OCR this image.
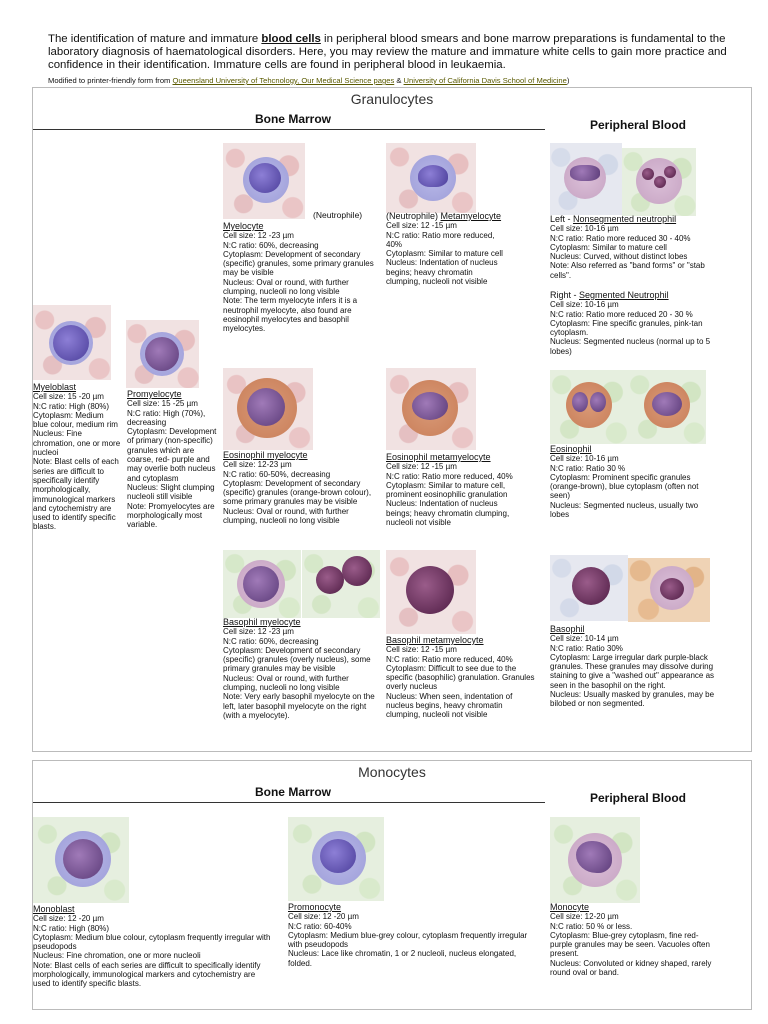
The identification of mature and immature blood cells in peripheral blood smears and bone marrow preparations is fundamental to the laboratory diagnosis of haematological disorders. Here, you may review the mature and immature white cells to gain more practice and confidence in their identification. Immature cells are found in peripheral blood in leukaemia.
Modified to printer-friendly form from Queensland University of Tehcnology, Our Medical Science pages & University of California Davis School of Medicine)
Granulocytes
Bone Marrow	Peripheral Blood
Myeloblast
Cell size: 15 -20 µm
N:C ratio: High (80%)
Cytoplasm: Medium blue colour, medium rim
Nucleus: Fine chromation, one or more nucleoi
Note: Blast cells of each series are difficult to specifically identify morphologically, immunological markers and cytochemistry are used to identify specific blasts.
Promyelocyte
Cell size: 15 -25 µm
N:C ratio: High (70%), decreasing
Cytoplasm: Development of primary (non-specific) granules which are coarse, red- purple and may overlie both nucleus and cytoplasm
Nucleus: Slight clumping nucleoli still visible
Note: Promyelocytes are morphologically most variable.
(Neutrophile)
Myelocyte
Cell size: 12 -23 µm
N:C ratio: 60%, decreasing
Cytoplasm: Development of secondary (specific) granules, some primary granules may be visible
Nucleus: Oval or round, with further clumping, nucleoli no long visible
Note: The term myelocyte infers it is a neutrophil myelocyte, also found are eosinophil myelocytes and basophil myelocytes.
(Neutrophile) Metamyelocyte
Cell size: 12 -15 µm
N:C ratio: Ratio more reduced, 40%
Cytoplasm: Similar to mature cell
Nucleus: Indentation of nucleus begins; heavy chromatin clumping, nucleoli not visible
Eosinophil myelocyte
Cell size: 12-23 µm
N:C ratio: 60-50%, decreasing
Cytoplasm: Development of secondary (specific) granules (orange-brown colour), some primary granules may be visible
Nucleus: Oval or round, with further clumping, nucleoli no long visible
Eosinophil metamyelocyte
Cell size: 12 -15 µm
N:C ratio: Ratio more reduced, 40%
Cytoplasm: Similar to mature cell, prominent eosinophilic granulation
Nucleus: Indentation of nucleus beings; heavy chromatin clumping, nucleoli not visible
Basophil myelocyte
Cell size: 12 -23 µm
N:C ratio: 60%, decreasing
Cytoplasm: Development of secondary (specific) granules (overly nucleus), some primary granules may be visible
Nucleus: Oval or round, with further clumping, nucleoli no long visible
Note: Very early basophil myelocyte on the left, later basophil myelocyte on the right (with a myelocyte).
Basophil metamyelocyte
Cell size: 12 -15 µm
N:C ratio: Ratio more reduced, 40%
Cytoplasm: Difficult to see due to the specific (basophilic) granulation. Granules overly nucleus
Nucleus: When seen, indentation of nucleus begins, heavy chromatin clumping, nucleoli not visible
Left - Nonsegmented neutrophil
Cell size: 10-16 µm
N:C ratio: Ratio more reduced 30 - 40%
Cytoplasm: Similar to mature cell
Nucleus: Curved, without distinct lobes
Note: Also referred as "band forms" or "stab cells".
Right - Segmented Neutrophil
Cell size: 10-16 µm
N:C ratio: Ratio more reduced 20 - 30 %
Cytoplasm: Fine specific granules, pink-tan cytoplasm.
Nucleus: Segmented nucleus (normal up to 5 lobes)
Eosinophil
Cell size: 10-16 µm
N:C ratio: Ratio 30 %
Cytoplasm: Prominent specific granules (orange-brown), blue cytoplasm (often not seen)
Nucleus: Segmented nucleus, usually two lobes
Basophil
Cell size: 10-14 µm
N:C ratio: Ratio 30%
Cytoplasm: Large irregular dark purple-black granules. These granules may dissolve during staining to give a "washed out" appearance as seen in the basophil on the right.
Nucleus: Usually masked by granules, may be bilobed or non segmented.
Monocytes
Bone Marrow	Peripheral Blood
Monoblast
Cell size: 12 -20 µm
N:C ratio: High (80%)
Cytoplasm: Medium blue colour, cytoplasm frequently irregular with pseudopods
Nucleus: Fine chromation, one or more nucleoli
Note: Blast cells of each series are difficult to specifically identify morphologically, immunological markers and cytochemistry are used to identify specific blasts.
Promonocyte
Cell size: 12 -20 µm
N:C ratio: 60-40%
Cytoplasm: Medium blue-grey colour, cytoplasm frequently irregular with pseudopods
Nucleus: Lace like chromatin, 1 or 2 nucleoli, nucleus elongated, folded.
Monocyte
Cell size: 12-20 µm
N:C ratio: 50 % or less.
Cytoplasm: Blue-grey cytoplasm, fine red-purple granules may be seen. Vacuoles often present.
Nucleus: Convoluted or kidney shaped, rarely round oval or band.
